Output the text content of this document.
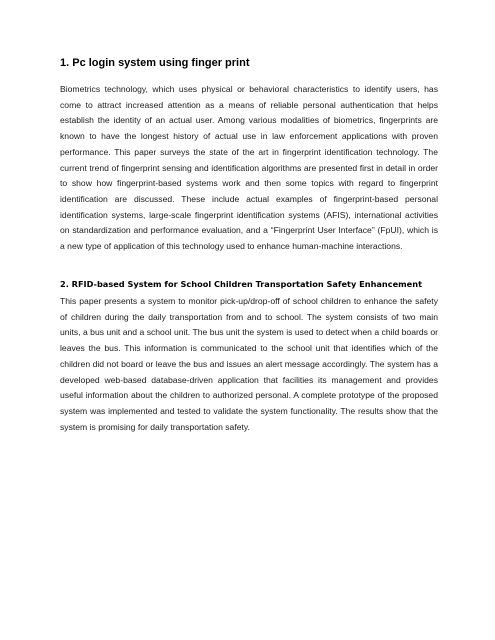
1. Pc login system using finger print

Biometrics technology, which uses physical or behavioral characteristics to identify users, has come to attract increased attention as a means of reliable personal authentication that helps establish the identity of an actual user. Among various modalities of biometrics, fingerprints are known to have the longest history of actual use in law enforcement applications with proven performance. This paper surveys the state of the art in fingerprint identification technology. The current trend of fingerprint sensing and identification algorithms are presented first in detail in order to show how fingerprint-based systems work and then some topics with regard to fingerprint identification are discussed. These include actual examples of fingerprint-based personal identification systems, large-scale fingerprint identification systems (AFIS), international activities on standardization and performance evaluation, and a “Fingerprint User Interface” (FpUI), which is a new type of application of this technology used to enhance human-machine interactions.

2. RFID-based System for School Children Transportation Safety Enhancement

This paper presents a system to monitor pick-up/drop-off of school children to enhance the safety of children during the daily transportation from and to school. The system consists of two main units, a bus unit and a school unit. The bus unit the system is used to detect when a child boards or leaves the bus. This information is communicated to the school unit that identifies which of the children did not board or leave the bus and issues an alert message accordingly. The system has a developed web-based database-driven application that facilities its management and provides useful information about the children to authorized personal. A complete prototype of the proposed system was implemented and tested to validate the system functionality. The results show that the system is promising for daily transportation safety.
